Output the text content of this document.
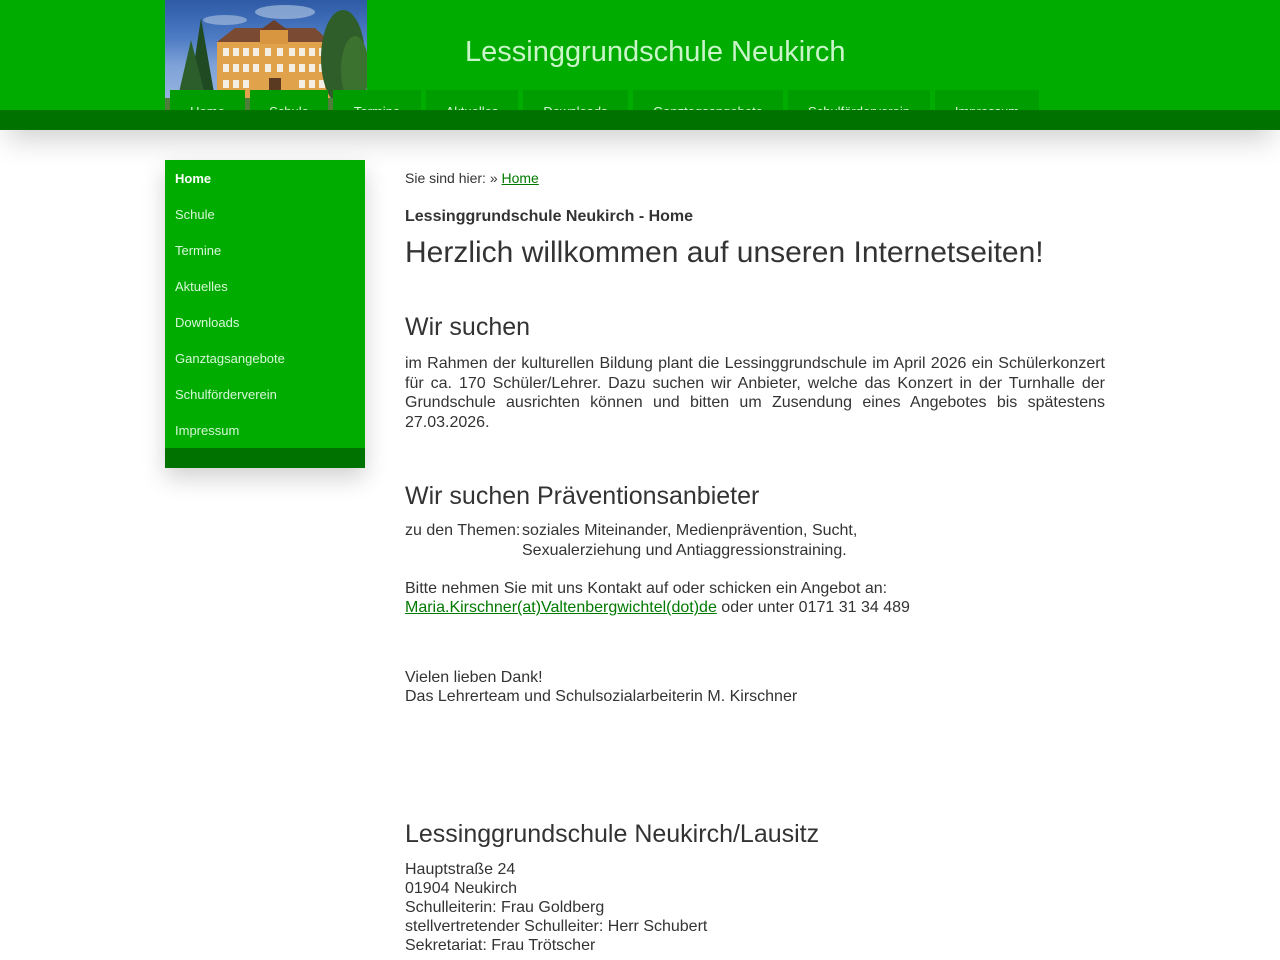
Lessinggrundschule Neukirch
Home
Schule
Termine
Aktuelles
Downloads
Ganztagsangebote
Schulförderverein
Impressum
Sie sind hier: » Home
Lessinggrundschule Neukirch - Home
Herzlich willkommen auf unseren Internetseiten!
Wir suchen

im Rahmen der kulturellen Bildung plant die Lessinggrundschule im April 2026 ein Schülerkonzert für ca. 170 Schüler/Lehrer. Dazu suchen wir Anbieter, welche das Konzert in der Turnhalle der Grundschule ausrichten können und bitten um Zusendung eines Angebotes bis spätestens 27.03.2026.

Wir suchen Präventionsanbieter
zu den Themen: soziales Miteinander, Medienprävention, Sucht,
Sexualerziehung und Antiaggressionstraining.
Bitte nehmen Sie mit uns Kontakt auf oder schicken ein Angebot an:
Maria.Kirschner(at)Valtenbergwichtel(dot)de oder unter 0171 31 34 489
Vielen lieben Dank!
Das Lehrerteam und Schulsozialarbeiterin M. Kirschner
Lessinggrundschule Neukirch/Lausitz
Hauptstraße 24
01904 Neukirch
Schulleiterin: Frau Goldberg
stellvertretender Schulleiter: Herr Schubert
Sekretariat: Frau Trötscher
